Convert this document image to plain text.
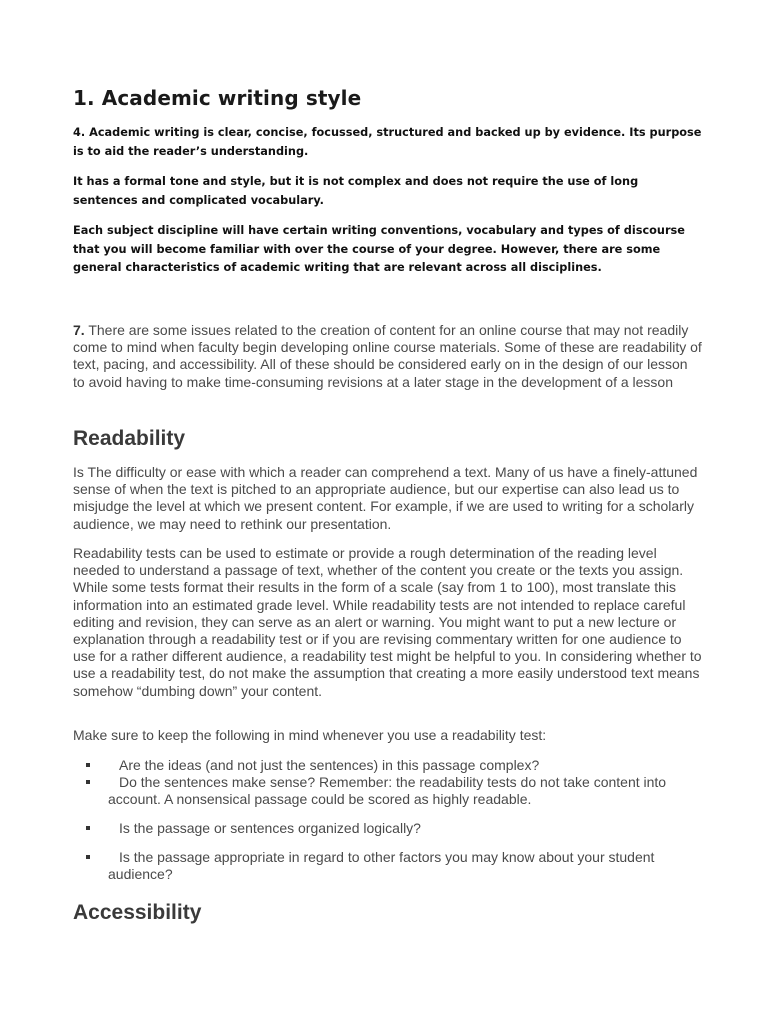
1. Academic writing style

4. Academic writing is clear, concise, focussed, structured and backed up by evidence. Its purpose is to aid the reader’s understanding.

It has a formal tone and style, but it is not complex and does not require the use of long sentences and complicated vocabulary.

Each subject discipline will have certain writing conventions, vocabulary and types of discourse that you will become familiar with over the course of your degree. However, there are some general characteristics of academic writing that are relevant across all disciplines.

7. There are some issues related to the creation of content for an online course that may not readily come to mind when faculty begin developing online course materials. Some of these are readability of text, pacing, and accessibility. All of these should be considered early on in the design of our lesson to avoid having to make time-consuming revisions at a later stage in the development of a lesson

Readability

Is The difficulty or ease with which a reader can comprehend a text. Many of us have a finely-attuned sense of when the text is pitched to an appropriate audience, but our expertise can also lead us to misjudge the level at which we present content. For example, if we are used to writing for a scholarly audience, we may need to rethink our presentation.

Readability tests can be used to estimate or provide a rough determination of the reading level needed to understand a passage of text, whether of the content you create or the texts you assign. While some tests format their results in the form of a scale (say from 1 to 100), most translate this information into an estimated grade level. While readability tests are not intended to replace careful editing and revision, they can serve as an alert or warning. You might want to put a new lecture or explanation through a readability test or if you are revising commentary written for one audience to use for a rather different audience, a readability test might be helpful to you. In considering whether to use a readability test, do not make the assumption that creating a more easily understood text means somehow “dumbing down” your content.

Make sure to keep the following in mind whenever you use a readability test:

Are the ideas (and not just the sentences) in this passage complex?
Do the sentences make sense? Remember: the readability tests do not take content into account. A nonsensical passage could be scored as highly readable.
Is the passage or sentences organized logically?
Is the passage appropriate in regard to other factors you may know about your student audience?
Accessibility
